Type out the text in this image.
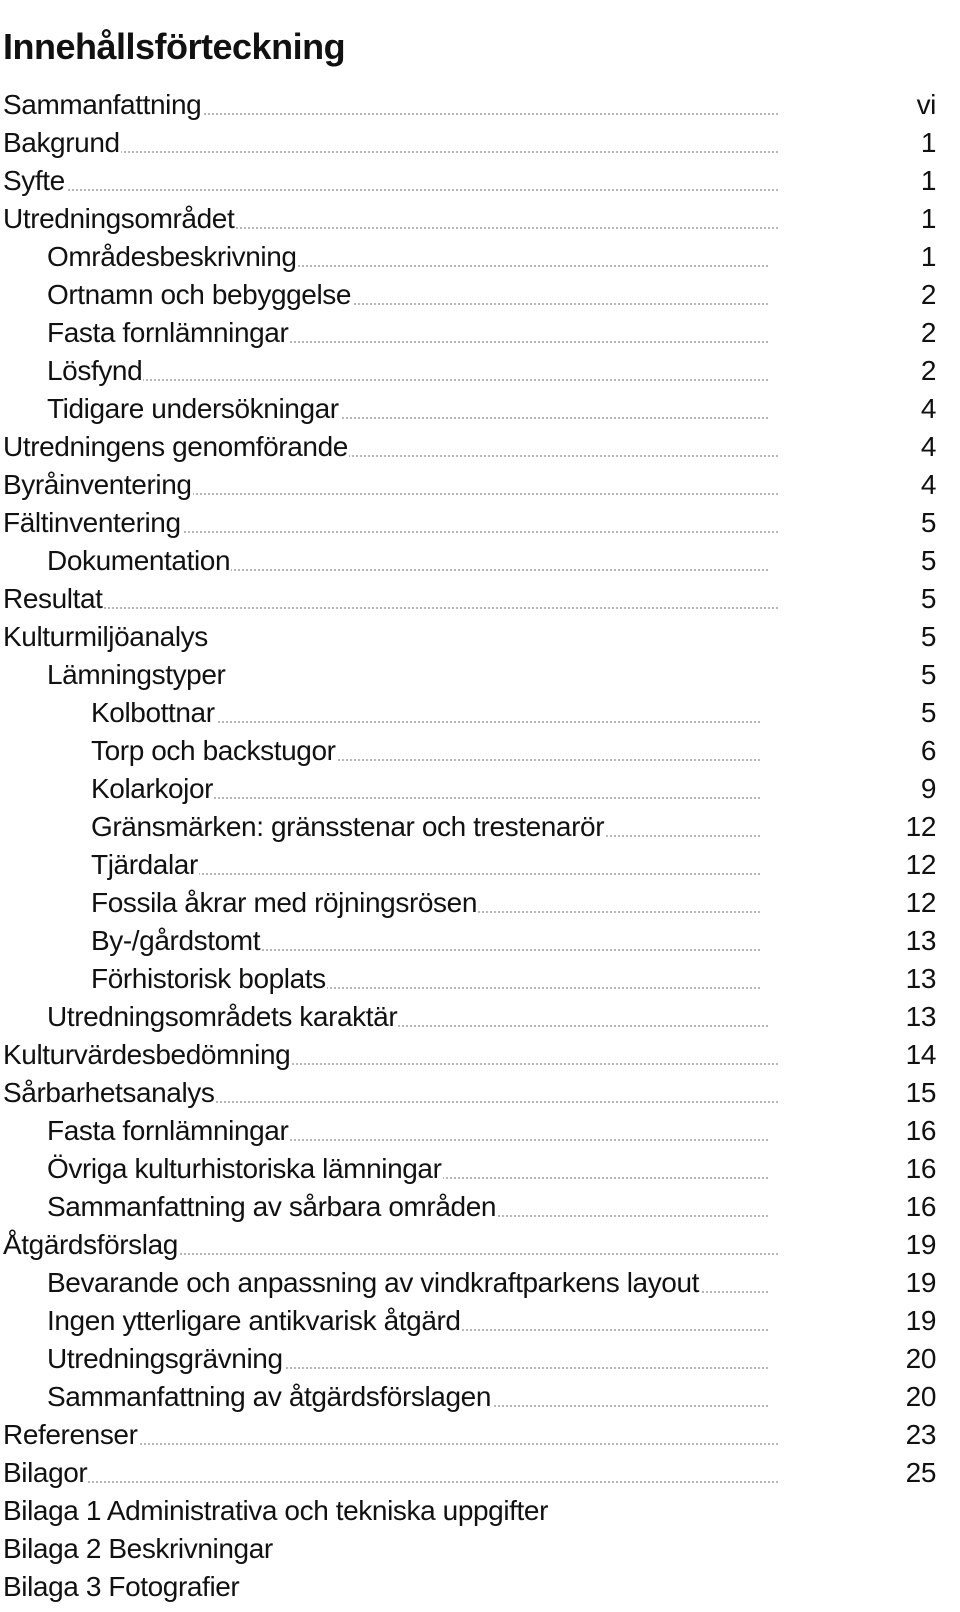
Innehållsförteckning
Sammanfattning	vi
Bakgrund	1
Syfte	1
Utredningsområdet	1
Områdesbeskrivning	1
Ortnamn och bebyggelse	2
Fasta fornlämningar	2
Lösfynd	2
Tidigare undersökningar	4
Utredningens genomförande	4
Byråinventering	4
Fältinventering	5
Dokumentation	5
Resultat	5
Kulturmiljöanalys	5
Lämningstyper	5
Kolbottnar	5
Torp och backstugor	6
Kolarkojor	9
Gränsmärken: gränsstenar och trestenarör	12
Tjärdalar	12
Fossila åkrar med röjningsrösen	12
By-/gårdstomt	13
Förhistorisk boplats	13
Utredningsområdets karaktär	13
Kulturvärdesbedömning	14
Sårbarhetsanalys	15
Fasta fornlämningar	16
Övriga kulturhistoriska lämningar	16
Sammanfattning av sårbara områden	16
Åtgärdsförslag	19
Bevarande och anpassning av vindkraftparkens layout	19
Ingen ytterligare antikvarisk åtgärd	19
Utredningsgrävning	20
Sammanfattning av åtgärdsförslagen	20
Referenser	23
Bilagor	25
Bilaga 1 Administrativa och tekniska uppgifter
Bilaga 2 Beskrivningar
Bilaga 3 Fotografier
